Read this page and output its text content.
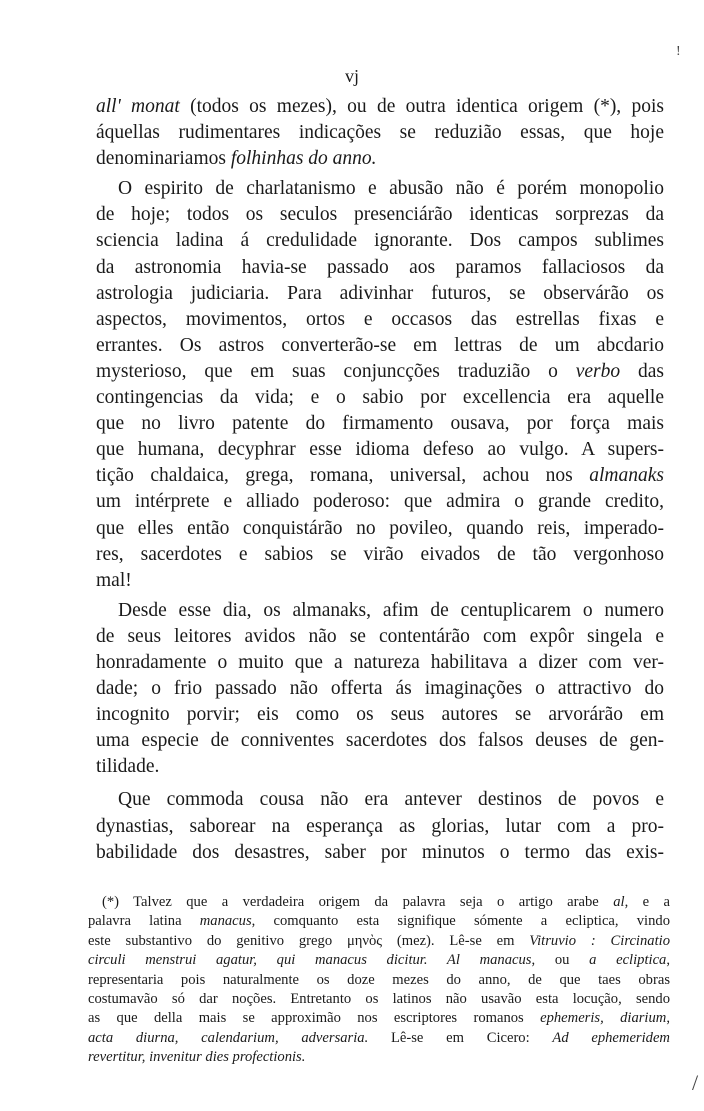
vj
all' monat (todos os mezes), ou de outra identica origem (*), pois
áquellas rudimentares indicações se reduzião essas, que hoje
denominariamos folhinhas do anno.
O espirito de charlatanismo e abusão não é porém monopolio
de hoje; todos os seculos presenciárão identicas sorprezas da
sciencia ladina á credulidade ignorante. Dos campos sublimes
da astronomia havia-se passado aos paramos fallaciosos da
astrologia judiciaria. Para adivinhar futuros, se observárão os
aspectos, movimentos, ortos e occasos das estrellas fixas e
errantes. Os astros converterão-se em lettras de um abcdario
mysterioso, que em suas conjuncções traduzião o verbo das
contingencias da vida; e o sabio por excellencia era aquelle
que no livro patente do firmamento ousava, por força mais
que humana, decyphrar esse idioma defeso ao vulgo. A supers-
tição chaldaica, grega, romana, universal, achou nos almanaks
um intérprete e alliado poderoso: que admira o grande credito,
que elles então conquistárão no povileo, quando reis, imperado-
res, sacerdotes e sabios se virão eivados de tão vergonhoso
mal!
Desde esse dia, os almanaks, afim de centuplicarem o numero
de seus leitores avidos não se contentárão com expôr singela e
honradamente o muito que a natureza habilitava a dizer com ver-
dade; o frio passado não offerta ás imaginações o attractivo do
incognito porvir; eis como os seus autores se arvorárão em
uma especie de conniventes sacerdotes dos falsos deuses de gen-
tilidade.
Que commoda cousa não era antever destinos de povos e
dynastias, saborear na esperança as glorias, lutar com a pro-
babilidade dos desastres, saber por minutos o termo das exis-
(*) Talvez que a verdadeira origem da palavra seja o artigo arabe al, e a
palavra latina manacus, comquanto esta signifique sómente a ecliptica, vindo
este substantivo do genitivo grego μηνὸς (mez). Lê-se em Vitruvio : Circinatio
circuli menstrui agatur, qui manacus dicitur. Al manacus, ou a ecliptica,
representaria pois naturalmente os doze mezes do anno, de que taes obras
costumavão só dar noções. Entretanto os latinos não usavão esta locução, sendo
as que della mais se approximão nos escriptores romanos ephemeris, diarium,
acta diurna, calendarium, adversaria. Lê-se em Cicero: Ad ephemeridem
revertitur, invenitur dies profectionis.
!
/
